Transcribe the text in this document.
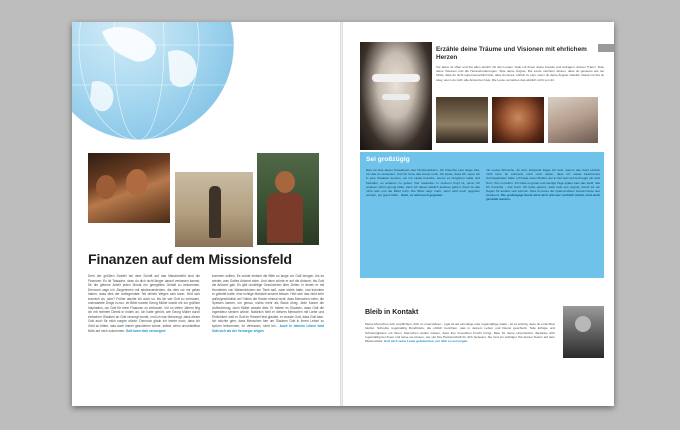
Finanzen auf dem Missionsfeld
Dem der größten Zweifel bei dem Schritt auf das Missionsfeld sind die Finanzen. Es ist Tatsache, dass du dich nicht länger darauf verlassen kannst, für die gebene Arbeit jeden Monat ein geregeltes Gehalt zu bekommen. Dennoch sage ich Jüngerinnen mit adolescendenten, die dies vor mir getan haben, dass dies der aufregendste Teil deines Weges sein kann. Hört sich komisch an, oder? Früher dachte ich auch so, bis ich wie Gott zu vertrauen, unerwartete Dinge zu tun. Im Bibel nannte Georg Müller wurde mir zur größten Inspiration, um Gott für mein Finanzen zu vertrauen. Vor so vielen Jahren fing ich mit meinem Dienst in Indien an. Ich hatte gehört, wie Georg Müller durch einfachen Glauben an Gott versorgt wurde, und ich war überzeugt, dass dieser Gott auch für mich sorgen würde. Dennoch glaub ich immer noch, dass ich Geld zu bitten, was auch immer geschehen würde, selbst, wenn unvorstellbar Nöte auf mich zukommen. Gott kann dich versorgen!
kommen sollten. Es würde einfach die Bitte so lange vor Gott bringen, bis es wieder, was Gottes Antwort wäre. Und dann würde er auf die Antwort, bis Gott die Antwort gab. Es gibt unzählige Geschichten über Zeiten, in denen er mit Hunderten von Waisenkindern am Tisch saß, zwar nichts hatte, und trotzdem er gebetet hatte, eine richtige Mahlzeit serviert bekam. Hört sich das nicht sehr außergewöhnlich an? Nimm die Kinder einmal nicht, dass Menschen rufen, die Speisen kamen, um genau, nichts mehr als Staub übrig. Jede Kanne die Aufforderung, doch Müller wusste dies: Er betete im Glauben, dass Gott die Ingredienz senden würde. Natürlich hielt er diesem Menschen mit Liebe und Ehrlichkeit, weil er Gott im Himmel fest glaubte, er wusste Gott, dass Gott kam. Ich möchte gern, dass Menschen hier um Glauben Gott in ihrem Leben zu spüren bekommen, im Vertrauen, nicht ich... Auch in deinem Leben wird Gott sich als der Versorger zeigen.
Erzähle deine Träume und Visionen mit ehrlichem Herzen
Vor allem ist offen und frei allen ehrlich mit den Leuten. Teile mit Ihnen deine Freude und Anfragen, deinen Traum. Teile deine Visionen und die Herausforderungen. Teile deine Ängste. Die Leute möchten wissen, dass du genauso wie sie fühlst, dass du nicht supermenschlich bist, dass du bereit, ehrlich zu sein, wenn du deine Ängste mitteilst. Glaub mir! Es ist okay, wenn du nicht alle Antworten hast. Die Leute verstehen das wirklich nicht von dir.
Sei großzügig
Dies ist eine dieser Paradoxien des Christenlebens. Ich brauchte eine lange Zeit, um das zu verstehen. Und ich lerne das immer noch. Ich weiss, dass ich, wenn ich in eine Situation komme, wo ich etwas brauche, zuerst es hergeben sollte und befinden, es anderen zu geben. Der Gedanke: In meinem Kopf ist, wenn ich sowieso schon genug hätte, kann ich davon wirklich anderen geben. Doch ist das nicht was uns die Bibel lehrt. Die Bibel sagt: Gebt, dann wird euch gegeben werden, ein gutes Maß... Gebt, so wird euch gegeben.
mir meine Wünsche. Zu dem Zeitpunkt fragte ich Gott, warum das Geld einfach nicht kam. Er erinnerte mich noch daran, dass ich etwas bestimmtes zurückgehalten hatte. Ich hatte einen Bruder, der in Not war und Gott legte mir aufs Herz, ihm zu helfen. Ich habe es getan und wenige Tage später kam das Geld, das ich brauchte - und mehr. Ich habe gelernt, dass Gott uns segnet, damit wir ein Segen für andere sein können. Dies ist eines der spannendsten Geheimnisse des Glaubens. Die großzügige Seele wird reich und wer reichlich tränkt, wird auch getränkt werden.
Bleib in Kontakt
Meine Menschen sich verpflichten, dich zu unterstützen - egal ob als einmalige oder regelmäßige Gabe - ist es wichtig, dass du erreichbar bleibst. Schreibe regelmäßig Rundbriefe, die ehrlich berichten, was in deinem Leben und Dienst geschieht. Teile Erfolge und Schwierigkeiten mit ihnen. Menschen wollen wissen, dass ihre Investition Frucht bringt. Bete für deine Unterstützer. Bedanke dich regelmäßig bei ihnen und lasse sie wissen, wie viel ihre Partnerschaft für dich bedeutet. Sie sind ein wichtiger Teil deines Teams auf dem Missionsfeld. Gott wird seine Leute gebrauchen, um dich zu versorgen.
